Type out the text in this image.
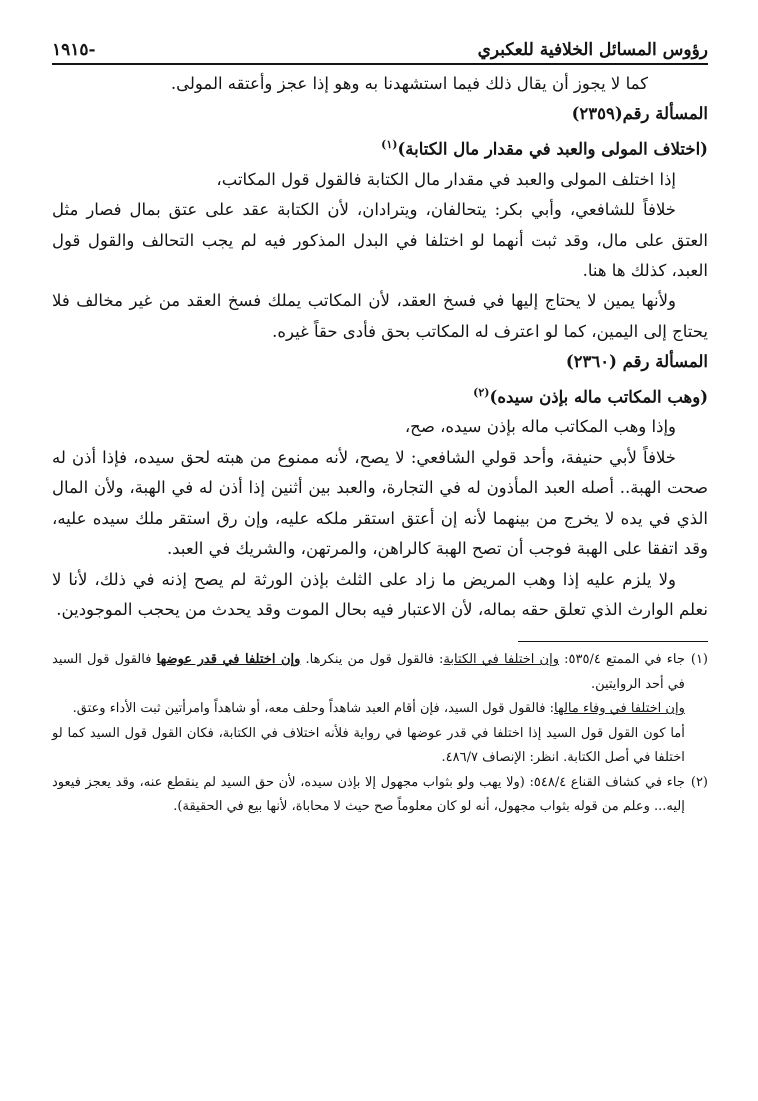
رؤوس المسائل الخلافية للعكبري
-١٩١٥

كما لا يجوز أن يقال ذلك فيما استشهدنا به وهو إذا عجز وأعتقه المولى.

المسألة رقم(٢٣٥٩)
(اختلاف المولى والعبد في مقدار مال الكتابة)$^{(١)}$

إذا اختلف المولى والعبد في مقدار مال الكتابة فالقول قول المكاتب،

خلافاً للشافعي، وأبي بكر: يتحالفان، ويترادان، لأن الكتابة عقد على عتق بمال فصار مثل العتق على مال، وقد ثبت أنهما لو اختلفا في البدل المذكور فيه لم يجب التحالف والقول قول العبد، كذلك ها هنا.

ولأنها يمين لا يحتاج إليها في فسخ العقد، لأن المكاتب يملك فسخ العقد من غير مخالف فلا يحتاج إلى اليمين، كما لو اعترف له المكاتب بحق فأدى حقاً غيره.

المسألة رقم (٢٣٦٠)
(وهب المكاتب ماله بإذن سيده)$^{(٢)}$

وإذا وهب المكاتب ماله بإذن سيده، صح،

خلافاً لأبي حنيفة، وأحد قولي الشافعي: لا يصح، لأنه ممنوع من هبته لحق سيده، فإذا أذن له صحت الهبة.. أصله العبد المأذون له في التجارة، والعبد بين أثنين إذا أذن له في الهبة، ولأن المال الذي في يده لا يخرج من بينهما لأنه إن أعتق استقر ملكه عليه، وإن رق استقر ملك سيده عليه، وقد اتفقا على الهبة فوجب أن تصح الهبة كالراهن، والمرتهن، والشريك في العبد.

ولا يلزم عليه إذا وهب المريض ما زاد على الثلث بإذن الورثة لم يصح إذنه في ذلك، لأنا لا نعلم الوارث الذي تعلق حقه بماله، لأن الاعتبار فيه بحال الموت وقد يحدث من يحجب الموجودين.

(١)

جاء في الممتع ٥٣٥/٤: وإن اختلفا في الكتابة: فالقول قول من ينكرها. وإن اختلفا في قدر عوضها فالقول قول السيد في أحد الروايتين.

وإن اختلفا في وفاء مالها: فالقول قول السيد، فإن أقام العبد شاهداً وحلف معه، أو شاهداً وامرأتين ثبت الأداء وعتق.

أما كون القول قول السيد إذا اختلفا في قدر عوضها في رواية فلأنه اختلاف في الكتابة، فكان القول قول السيد كما لو اختلفا في أصل الكتابة. انظر: الإنصاف ٤٨٦/٧.

(٢)

جاء في كشاف القناع ٥٤٨/٤: (ولا يهب ولو بثواب مجهول إلا بإذن سيده، لأن حق السيد لم ينقطع عنه، وقد يعجز فيعود إليه... وعلم من قوله بثواب مجهول، أنه لو كان معلوماً صح حيث لا محاباة، لأنها بيع في الحقيقة).
